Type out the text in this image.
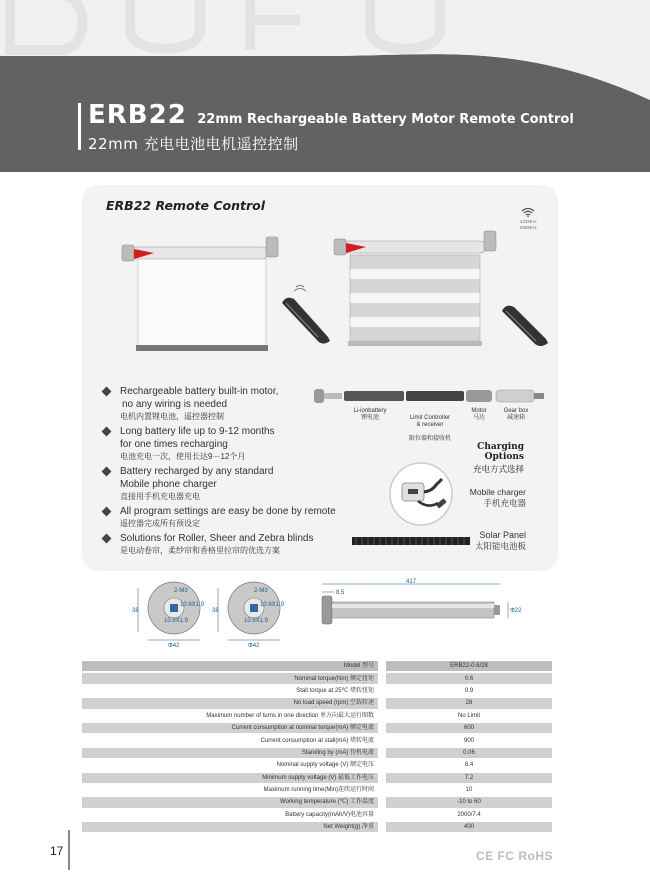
ERB22 22mm Rechargeable Battery Motor Remote Control
22mm 充电电池电机遥控控制
ERB22 Remote Control
433MHz
868MHz
Li-ionbattery
锂电池	Limit Controller
& receiver

限位器和接收机

Motor
马达
Gear box
减速箱
Rechargeable battery built-in motor,
no any wiring is needed
电机内置锂电池，遥控器控制
Long battery life up to 9-12 months
for one times recharging
电池充电一次，使用长达9－12个月
Battery recharged by any standard
Mobile phone charger
直接用手机充电器充电
All program settings are easy be done by remote
遥控器完成所有预设定
Solutions for Roller, Sheer and Zebra blinds
是电动卷帘，柔纱帘和香格里拉帘的优选方案
Charging Options
充电方式选择
Mobile charger
手机充电器
Solar Panel
太阳能电池板
38
2-M3
10.8X1.9
10.8X1.9
Φ42
38
2-M3
10.8X1.9
10.8X1.9
Φ42
417
8.5
Φ22
Model 型号		ERB22-0.6/28
Nominal torque(Nm) 额定扭矩		0.6
Stall torque at 25℃ 堵转扭矩		0.9
No load speed (rpm) 空载转速		28
Maximum number of turns in one direction 单方向最大运行圈数		No Limit
Current consumption at nominal torque(mA) 额定电流		600
Current consumption at stall(mA) 堵转电流		900
Standing by (mA) 待机电流		0.06
Nominal supply voltage (V) 额定电压		8.4
Minimum supply voltage (V) 最低工作电压		7.2
Maximum running time(Min)连续运行时间		10
Working temperature (℃) 工作温度		-10 to 60
Battery capacity(mAh/V)电池容量		2000/7.4
Net Weight(g) 净重		400
17	CE FC RoHS
